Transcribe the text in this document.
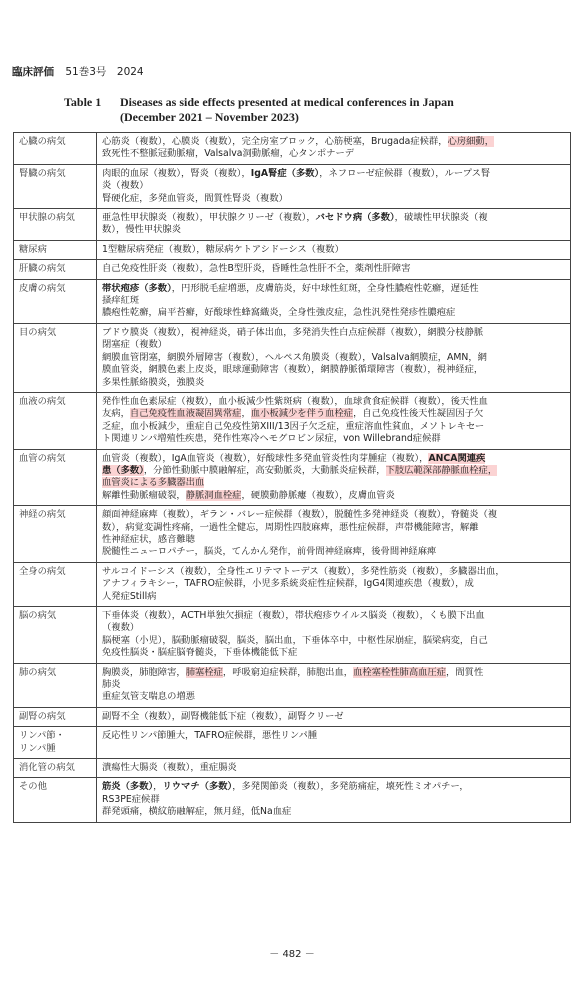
臨床評価 51巻3号　2024
Table 1 Diseases as side effects presented at medical conferences in Japan
(December 2021 – November 2023)
心臓の病気	心筋炎（複数），心膜炎（複数），完全房室ブロック，心筋梗塞，Brugada症候群，心房細動，
致死性不整脈冠動脈瘤，Valsalva洞動脈瘤，心タンポナーデ

腎臓の病気	肉眼的血尿（複数），腎炎（複数），IgA腎症（多数），ネフローゼ症候群（複数），ループス腎
炎（複数）
腎硬化症，多発血管炎，間質性腎炎（複数）

甲状腺の病気	亜急性甲状腺炎（複数），甲状腺クリーゼ（複数），バセドウ病（多数），破壊性甲状腺炎（複
数），慢性甲状腺炎

糖尿病	1型糖尿病発症（複数），糖尿病ケトアシドーシス（複数）

肝臓の病気	自己免疫性肝炎（複数），急性B型肝炎，昏睡性急性肝不全，薬剤性肝障害

皮膚の病気	帯状疱疹（多数），円形脱毛症増悪，皮膚筋炎，好中球性紅斑，全身性膿疱性乾癬，遅延性
掻痒紅斑
膿疱性乾癬，扁平苔癬，好酸球性蜂窩織炎，全身性強皮症，急性汎発性発疹性膿疱症

目の病気	ブドウ膜炎（複数），視神経炎，硝子体出血，多発消失性白点症候群（複数），網膜分枝静脈
閉塞症（複数）
網膜血管閉塞，網膜外層障害（複数），ヘルペス角膜炎（複数），Valsalva網膜症，AMN，網
膜血管炎，網膜色素上皮炎，眼球運動障害（複数），網膜静脈循環障害（複数），視神経症，
多果性脈絡膜炎，強膜炎

血液の病気	発作性血色素尿症（複数），血小板減少性紫斑病（複数），血球貪食症候群（複数），後天性血
友病，自己免疫性血液凝固異常症，血小板減少を伴う血栓症，自己免疫性後天性凝固因子欠
乏症，血小板減少，重症自己免疫性第XIII/13因子欠乏症，重症溶血性貧血，メソトレキセー
ト関連リンパ増殖性疾患，発作性寒冷ヘモグロビン尿症，von Willebrand症候群

血管の病気	血管炎（複数），IgA血管炎（複数），好酸球性多発血管炎性肉芽腫症（複数），ANCA関連疾
患（多数），分節性動脈中膜融解症，高安動脈炎，大動脈炎症候群，下肢広範深部静脈血栓症，
血管炎による多臓器出血
解離性動脈瘤破裂，静脈洞血栓症，硬膜動静脈瘻（複数），皮膚血管炎

神経の病気	顔面神経麻痺（複数），ギラン・バレー症候群（複数），脱髄性多発神経炎（複数），脊髄炎（複
数），病覚変調性疼痛，一過性全健忘，周期性四肢麻痺，悪性症候群，声帯機能障害，解離
性神経症状，感音難聴
脱髄性ニューロパチー，脳炎，てんかん発作，前骨間神経麻痺，後骨間神経麻痺

全身の病気	サルコイドーシス（複数），全身性エリテマトーデス（複数），多発性筋炎（複数），多臓器出血，
アナフィラキシー，TAFRO症候群，小児多系統炎症性症候群，IgG4関連疾患（複数），成
人発症Still病

脳の病気	下垂体炎（複数），ACTH単独欠損症（複数），帯状疱疹ウイルス脳炎（複数），くも膜下出血
（複数）
脳梗塞（小児），脳動脈瘤破裂，脳炎，脳出血，下垂体卒中，中枢性尿崩症，脳梁病変，自己
免疫性脳炎・脳症脳脊髄炎，下垂体機能低下症

肺の病気	胸膜炎，肺胞障害，肺塞栓症，呼吸窮迫症候群，肺胞出血，血栓塞栓性肺高血圧症，間質性
肺炎
重症気管支喘息の増悪

副腎の病気	副腎不全（複数），副腎機能低下症（複数），副腎クリーゼ

リンパ節・
リンパ腫	反応性リンパ節腫大，TAFRO症候群，悪性リンパ腫

消化管の病気	潰瘍性大腸炎（複数），重症腸炎

その他	筋炎（多数），リウマチ（多数），多発関節炎（複数），多発筋痛症，壊死性ミオパチー，
RS3PE症候群
群発頭痛，横紋筋融解症，無月経，低Na血症
－ 482 －
